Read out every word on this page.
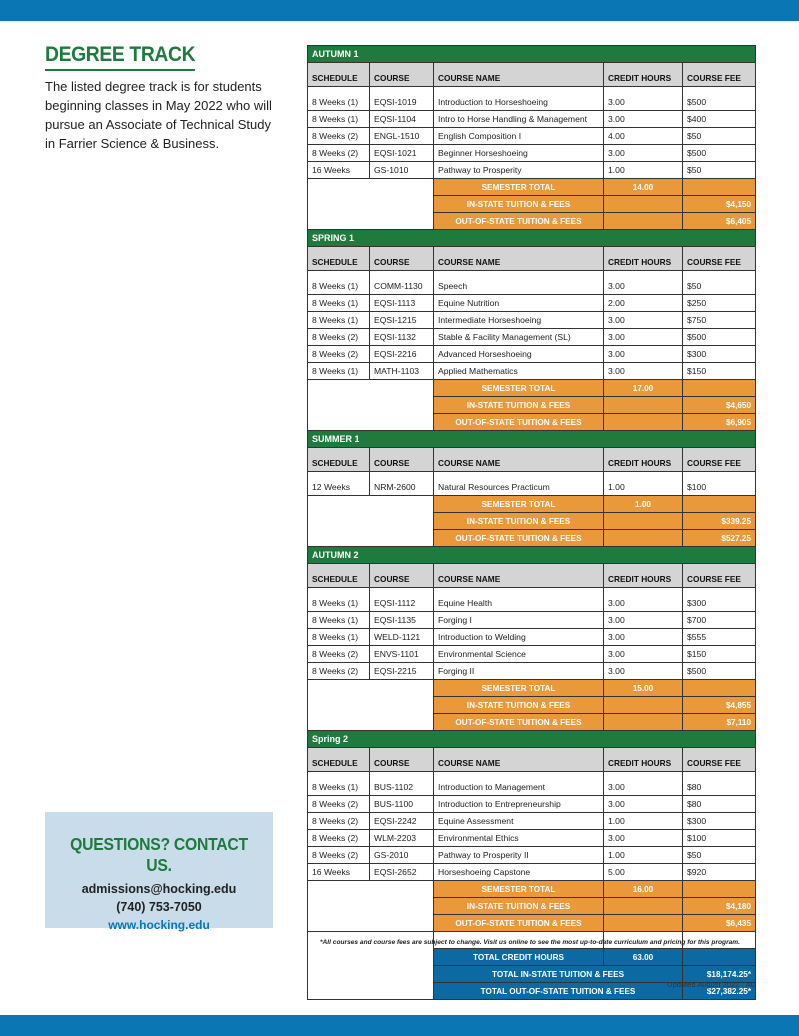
DEGREE TRACK

The listed degree track is for students beginning classes in May 2022 who will pursue an Associate of Technical Study in Farrier Science & Business.

QUESTIONS? CONTACT US.
admissions@hocking.edu
(740) 753-7050
www.hocking.edu
AUTUMN 1				
SCHEDULE	COURSE	COURSE NAME	CREDIT HOURS	COURSE FEE
8 Weeks (1)	EQSI-1019	Introduction to Horseshoeing	3.00	$500
8 Weeks (1)	EQSI-1104	Intro to Horse Handling & Management	3.00	$400
8 Weeks (2)	ENGL-1510	English Composition I	4.00	$50
8 Weeks (2)	EQSI-1021	Beginner Horseshoeing	3.00	$500
16 Weeks	GS-1010	Pathway to Prosperity	1.00	$50
		SEMESTER TOTAL	14.00	
		IN-STATE TUITION & FEES		$4,150
		OUT-OF-STATE TUITION & FEES		$6,405
SPRING 1				
SCHEDULE	COURSE	COURSE NAME	CREDIT HOURS	COURSE FEE
8 Weeks (1)	COMM-1130	Speech	3.00	$50
8 Weeks (1)	EQSI-1113	Equine Nutrition	2.00	$250
8 Weeks (1)	EQSI-1215	Intermediate Horseshoeing	3.00	$750
8 Weeks (2)	EQSI-1132	Stable & Facility Management (SL)	3.00	$500
8 Weeks (2)	EQSI-2216	Advanced Horseshoeing	3.00	$300
8 Weeks (1)	MATH-1103	Applied Mathematics	3.00	$150
		SEMESTER TOTAL	17.00	
		IN-STATE TUITION & FEES		$4,650
		OUT-OF-STATE TUITION & FEES		$6,905
SUMMER 1				
SCHEDULE	COURSE	COURSE NAME	CREDIT HOURS	COURSE FEE
12 Weeks	NRM-2600	Natural Resources Practicum	1.00	$100
		SEMESTER TOTAL	1.00	
		IN-STATE TUITION & FEES		$339.25
		OUT-OF-STATE TUITION & FEES		$527.25
AUTUMN 2				
SCHEDULE	COURSE	COURSE NAME	CREDIT HOURS	COURSE FEE
8 Weeks (1)	EQSI-1112	Equine Health	3.00	$300
8 Weeks (1)	EQSI-1135	Forging I	3.00	$700
8 Weeks (1)	WELD-1121	Introduction to Welding	3.00	$555
8 Weeks (2)	ENVS-1101	Environmental Science	3.00	$150
8 Weeks (2)	EQSI-2215	Forging II	3.00	$500
		SEMESTER TOTAL	15.00	
		IN-STATE TUITION & FEES		$4,855
		OUT-OF-STATE TUITION & FEES		$7,110
Spring 2				
SCHEDULE	COURSE	COURSE NAME	CREDIT HOURS	COURSE FEE
8 Weeks (1)	BUS-1102	Introduction to Management	3.00	$80
8 Weeks (2)	BUS-1100	Introduction to Entrepreneurship	3.00	$80
8 Weeks (2)	EQSI-2242	Equine Assessment	1.00	$300
8 Weeks (2)	WLM-2203	Environmental Ethics	3.00	$100
8 Weeks (2)	GS-2010	Pathway to Prosperity II	1.00	$50
16 Weeks	EQSI-2652	Horseshoeing Capstone	5.00	$920
		SEMESTER TOTAL	16.00	
		IN-STATE TUITION & FEES		$4,180
		OUT-OF-STATE TUITION & FEES		$6,435

		TOTAL CREDIT HOURS	63.00	
		TOTAL IN-STATE TUITION & FEES		$18,174.25*
		TOTAL OUT-OF-STATE TUITION & FEES		$27,382.25*
*All courses and course fees are subject to change. Visit us online to see the most up-to-date curriculum and pricing for this program.
Updated August 2022 · AU
